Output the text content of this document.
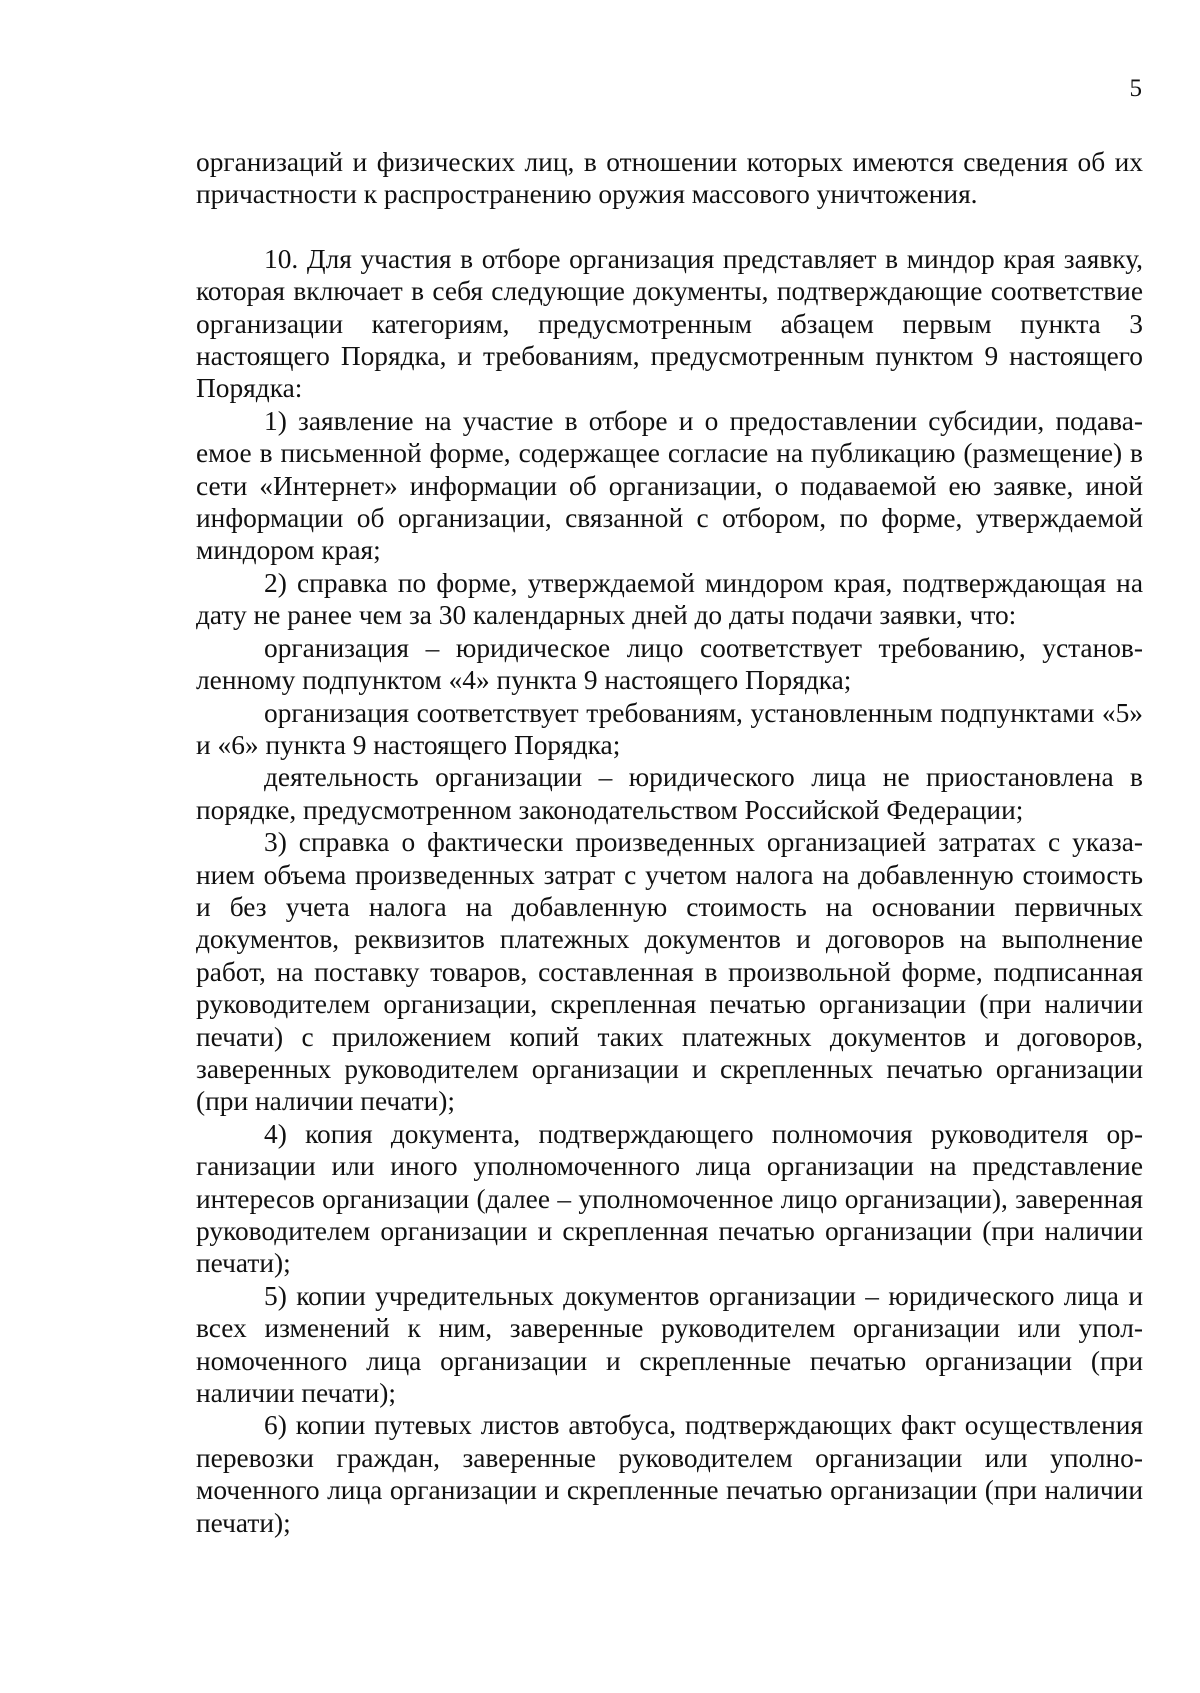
5

организаций и физических лиц, в отношении которых имеются сведения об их причастности к распространению оружия массового уничтожения.

10. Для участия в отборе организация представляет в миндор края заявку, которая включает в себя следующие документы, подтверждающие соответствие организации категориям, предусмотренным абзацем первым пункта 3 настоящего Порядка, и требованиям, предусмотренным пунктом 9 настоящего Порядка:

1) заявление на участие в отборе и о предоставлении субсидии, подаваемое в письменной форме, содержащее согласие на публикацию (размещение) в сети «Интернет» информации об организации, о подаваемой ею заявке, иной информации об организации, связанной с отбором, по форме, утверждаемой миндором края;

2) справка по форме, утверждаемой миндором края, подтверждающая на дату не ранее чем за 30 календарных дней до даты подачи заявки, что:

организация – юридическое лицо соответствует требованию, установленному подпунктом «4» пункта 9 настоящего Порядка;

организация соответствует требованиям, установленным подпунктами «5» и «6» пункта 9 настоящего Порядка;

деятельность организации – юридического лица не приостановлена в порядке, предусмотренном законодательством Российской Федерации;

3) справка о фактически произведенных организацией затратах с указанием объема произведенных затрат с учетом налога на добавленную стоимость и без учета налога на добавленную стоимость на основании первичных документов, реквизитов платежных документов и договоров на выполнение работ, на поставку товаров, составленная в произвольной форме, подписанная руководителем организации, скрепленная печатью организации (при наличии печати) с приложением копий таких платежных документов и договоров, заверенных руководителем организации и скрепленных печатью организации (при наличии печати);

4) копия документа, подтверждающего полномочия руководителя организации или иного уполномоченного лица организации на представление интересов организации (далее – уполномоченное лицо организации), заверенная руководителем организации и скрепленная печатью организации (при наличии печати);

5) копии учредительных документов организации – юридического лица и всех изменений к ним, заверенные руководителем организации или уполномоченного лица организации и скрепленные печатью организации (при наличии печати);

6) копии путевых листов автобуса, подтверждающих факт осуществления перевозки граждан, заверенные руководителем организации или уполномоченного лица организации и скрепленные печатью организации (при наличии печати);
